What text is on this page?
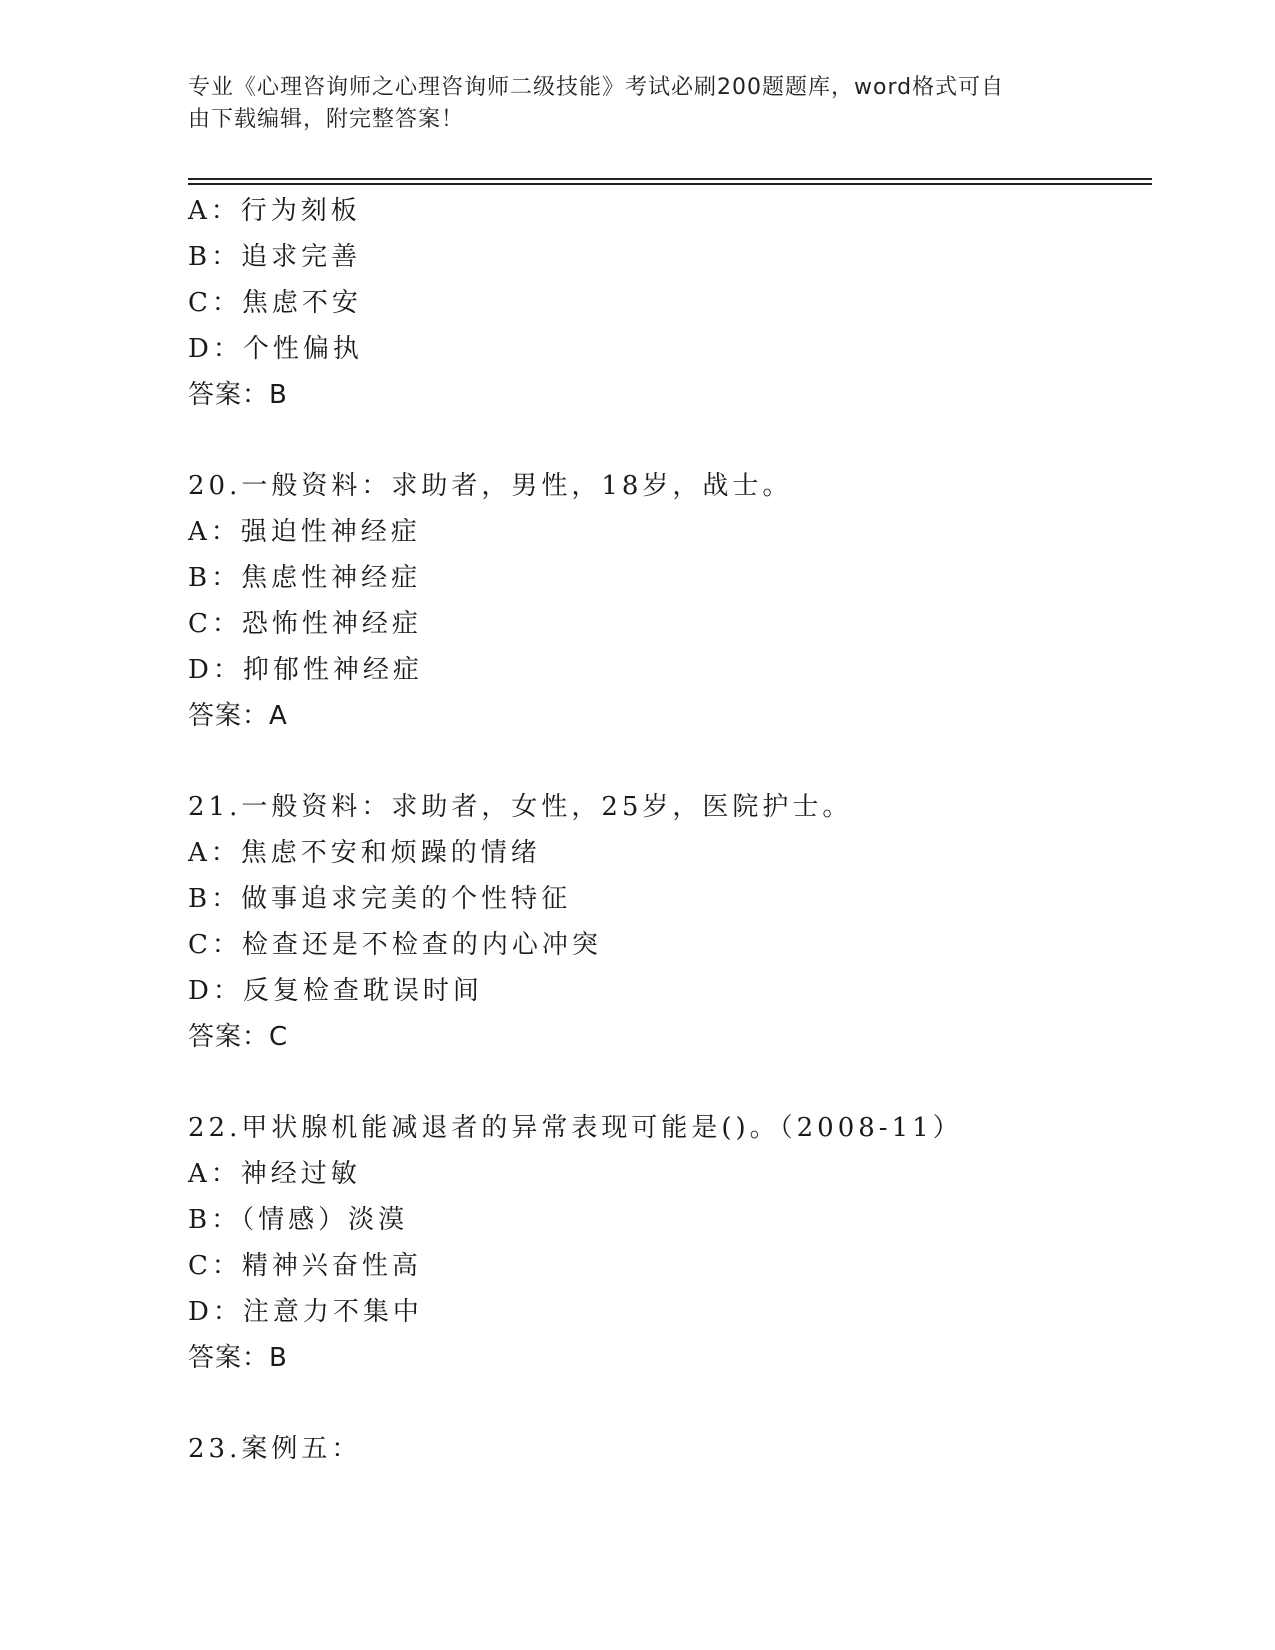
专业《心理咨询师之心理咨询师二级技能》考试必刷200题题库，word格式可自
由下载编辑，附完整答案！
A：行为刻板
B：追求完善
C：焦虑不安
D：个性偏执
答案：B
20.一般资料：求助者，男性，18岁，战士。
A：强迫性神经症
B：焦虑性神经症
C：恐怖性神经症
D：抑郁性神经症
答案：A
21.一般资料：求助者，女性，25岁，医院护士。
A：焦虑不安和烦躁的情绪
B：做事追求完美的个性特征
C：检查还是不检查的内心冲突
D：反复检查耽误时间
答案：C
22.甲状腺机能减退者的异常表现可能是()。（2008-11）
A：神经过敏
B：（情感）淡漠
C：精神兴奋性高
D：注意力不集中
答案：B
23.案例五：
